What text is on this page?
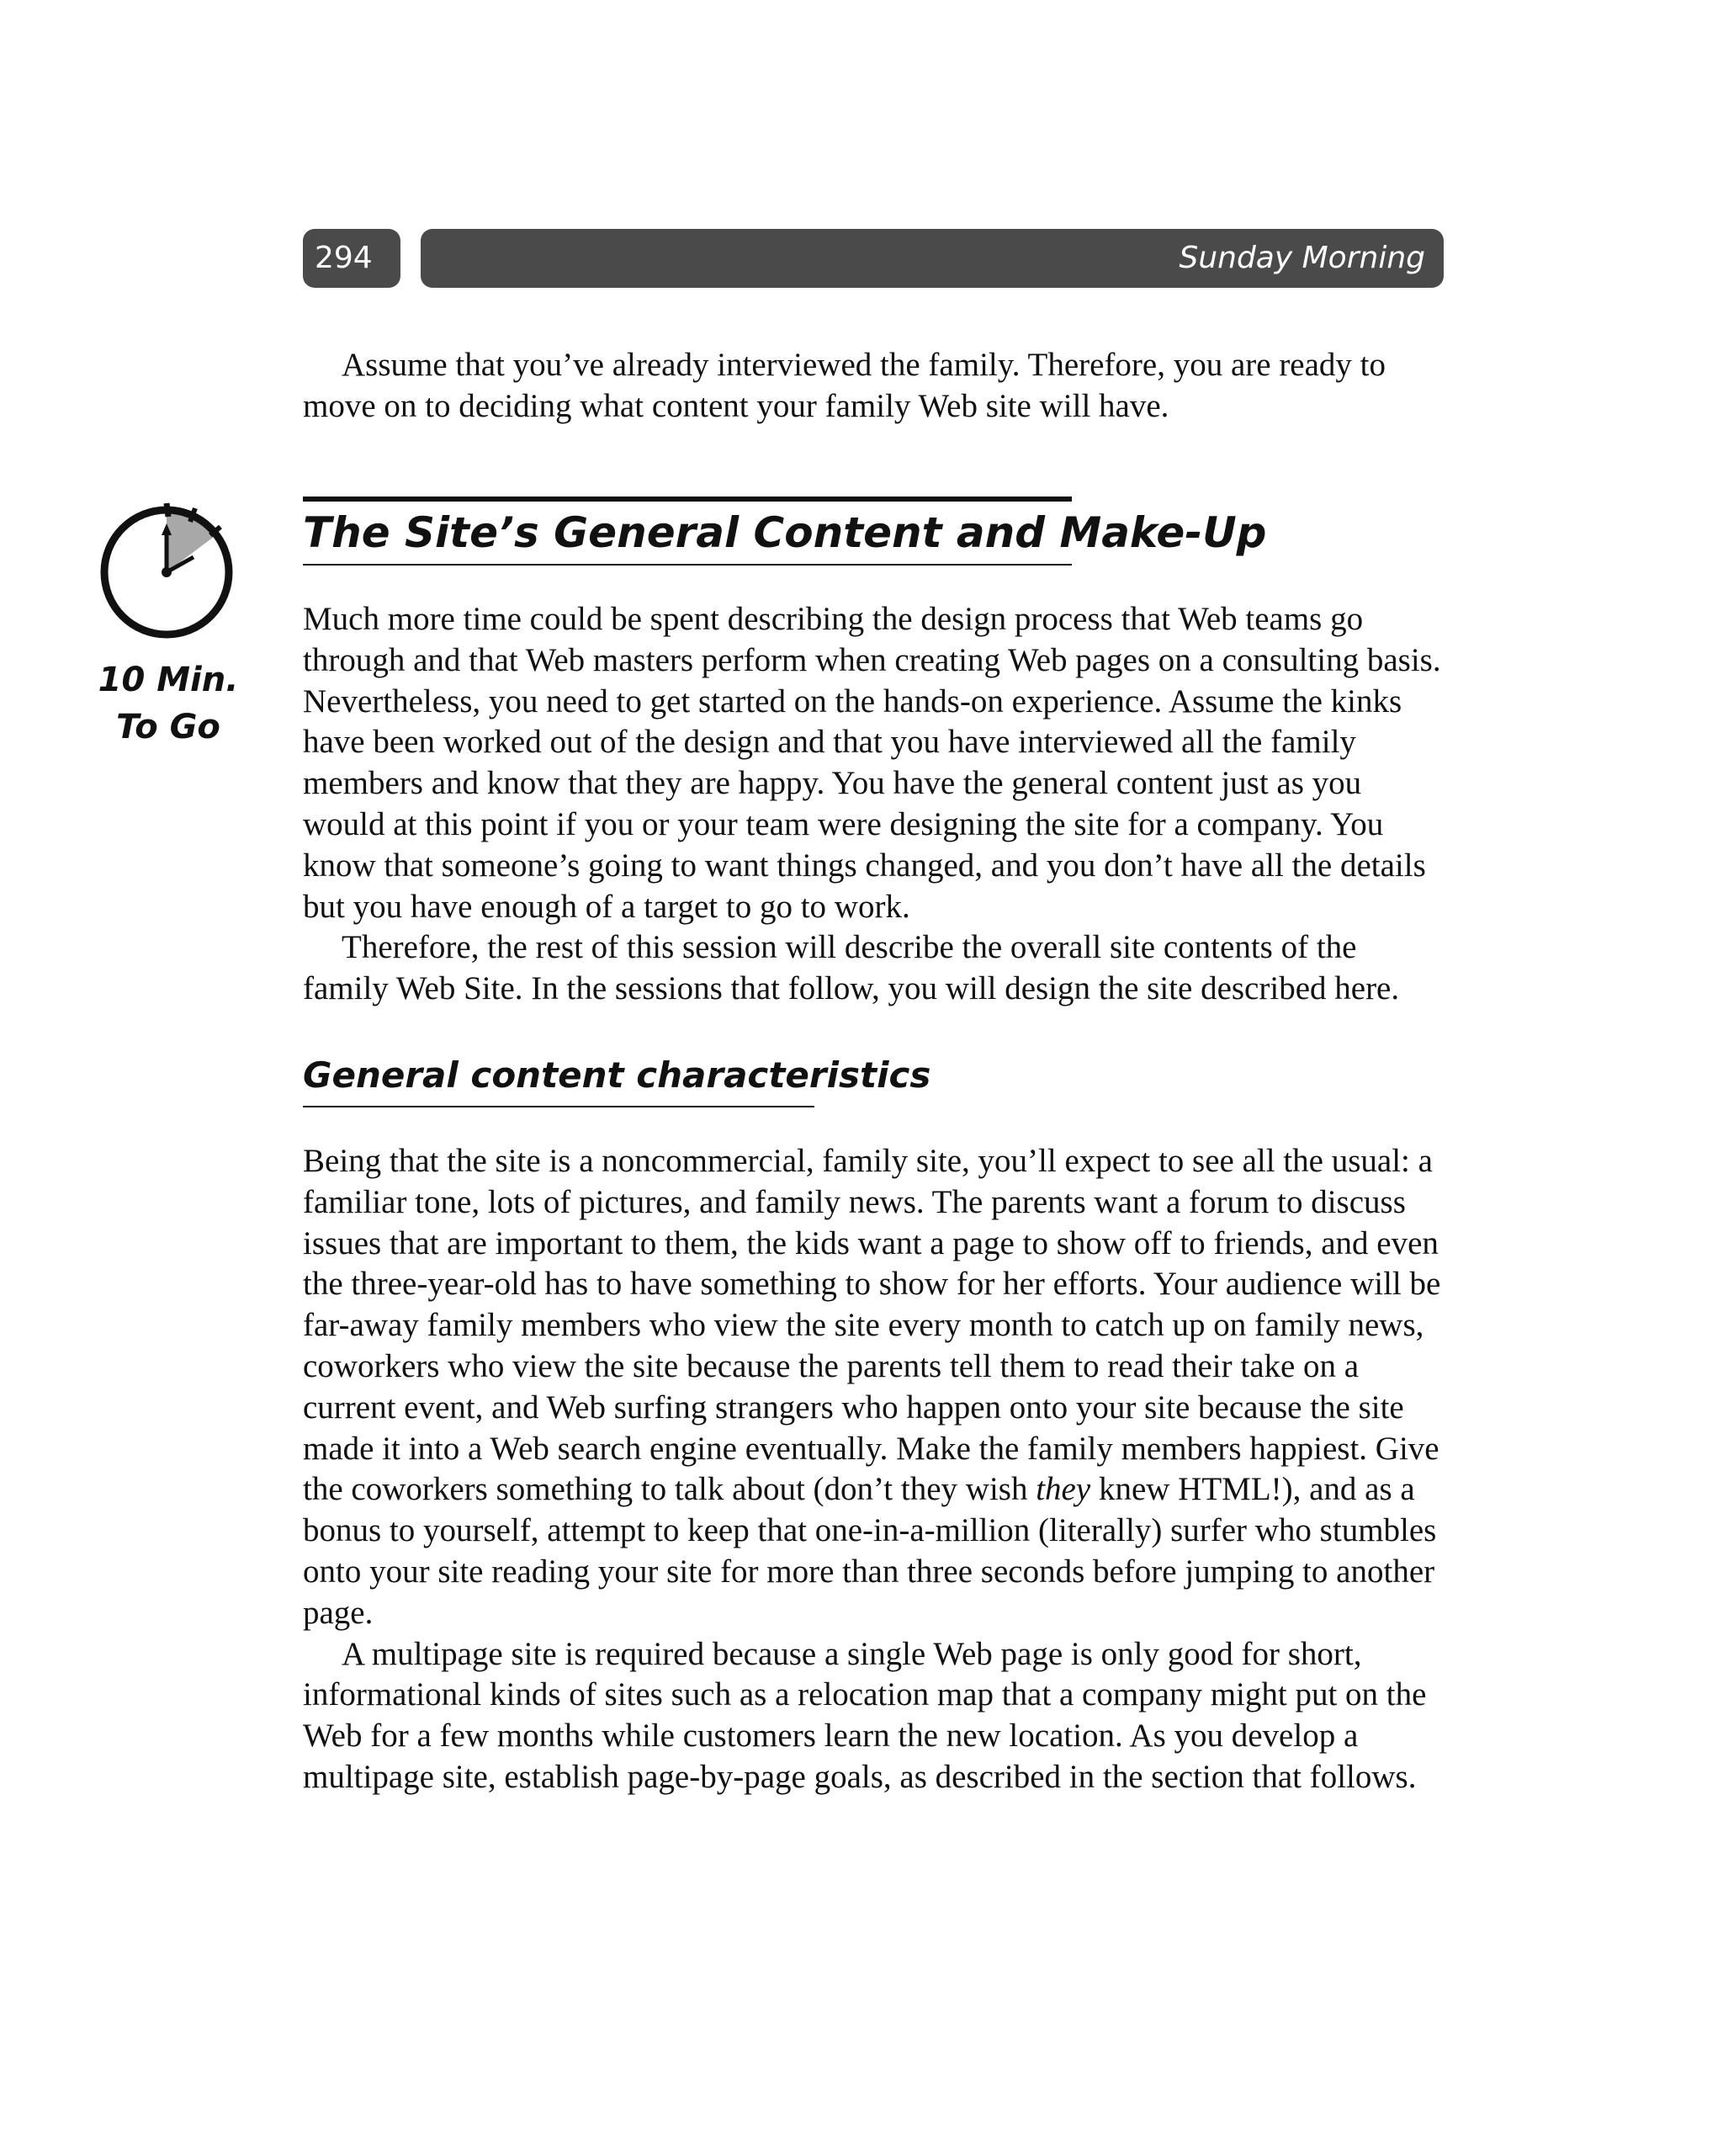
294	Sunday Morning

Assume that you’ve already interviewed the family. Therefore, you are ready to move on to deciding what content your family Web site will have.

10 Min.
To Go
The Site’s General Content and Make-Up

Much more time could be spent describing the design process that Web teams go through and that Web masters perform when creating Web pages on a consulting basis. Nevertheless, you need to get started on the hands-on experience. Assume the kinks have been worked out of the design and that you have interviewed all the family members and know that they are happy. You have the general content just as you would at this point if you or your team were designing the site for a company. You know that someone’s going to want things changed, and you don’t have all the details but you have enough of a target to go to work.

Therefore, the rest of this session will describe the overall site contents of the family Web Site. In the sessions that follow, you will design the site described here.

General content characteristics

Being that the site is a noncommercial, family site, you’ll expect to see all the usual: a familiar tone, lots of pictures, and family news. The parents want a forum to discuss issues that are important to them, the kids want a page to show off to friends, and even the three-year-old has to have something to show for her efforts. Your audience will be far-away family members who view the site every month to catch up on family news, coworkers who view the site because the parents tell them to read their take on a current event, and Web surfing strangers who happen onto your site because the site made it into a Web search engine eventually. Make the family members happiest. Give the coworkers something to talk about (don’t they wish they knew HTML!), and as a bonus to yourself, attempt to keep that one-in-a-million (literally) surfer who stumbles onto your site reading your site for more than three seconds before jumping to another page.

A multipage site is required because a single Web page is only good for short, informational kinds of sites such as a relocation map that a company might put on the Web for a few months while customers learn the new location. As you develop a multipage site, establish page-by-page goals, as described in the section that follows.
